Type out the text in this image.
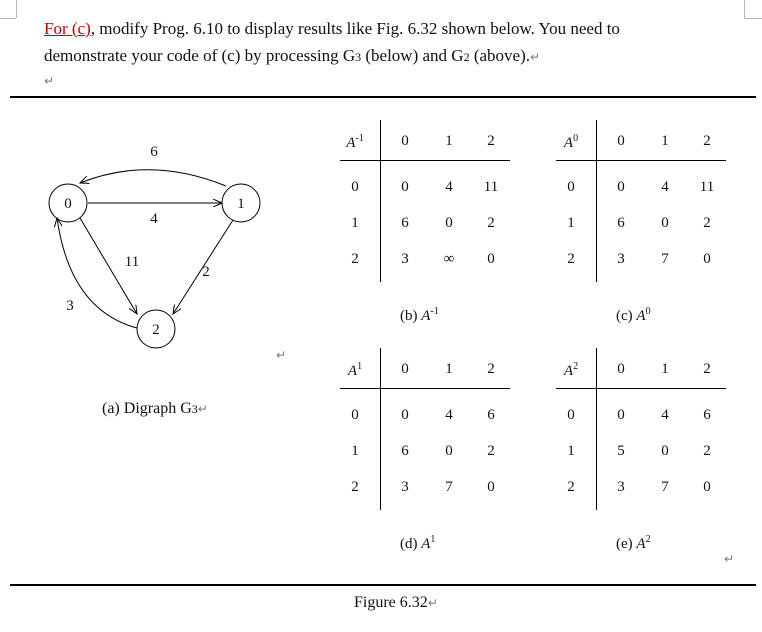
For (c), modify Prog. 6.10 to display results like Fig. 6.32 shown below. You need to
demonstrate your code of (c) by processing G3 (below) and G2 (above).↵
↵
0	1
2
6
4
11
2
3
↵
(a) Digraph G3↵
$A^{-1}$	0	1	2
0	0	4	11
1	6	0	2
2	3	∞	0
(b) $A^{-1}$
$A^0$	0	1	2
0	0	4	11
1	6	0	2
2	3	7	0
(c) $A^0$
$A^1$	0	1	2
0	0	4	6
1	6	0	2
2	3	7	0
(d) $A^1$
$A^2$	0	1	2
0	0	4	6
1	5	0	2
2	3	7	0
(e) $A^2$
↵
Figure 6.32↵
